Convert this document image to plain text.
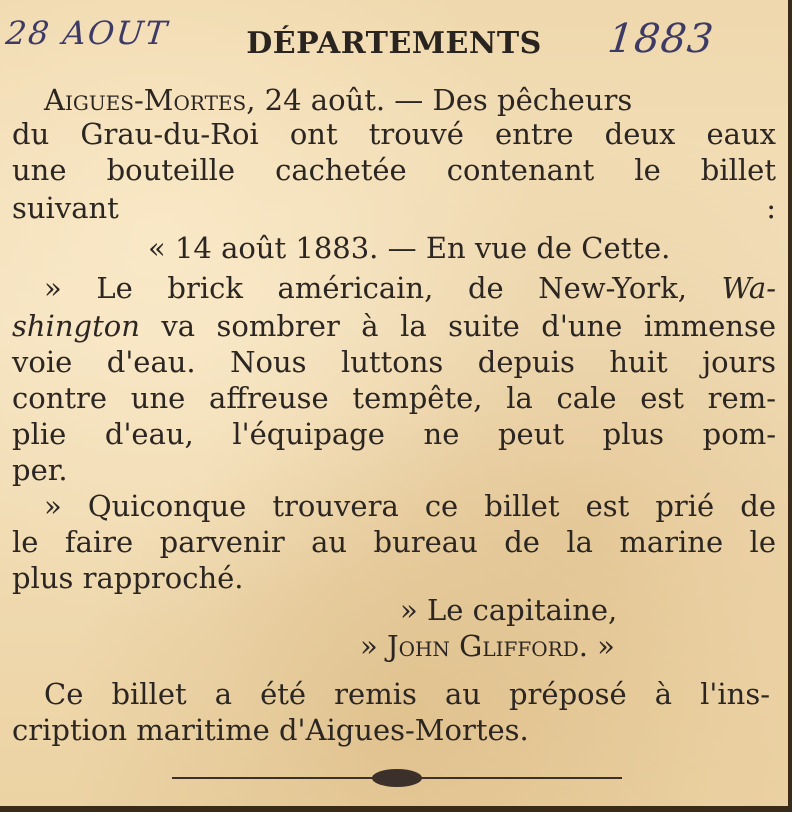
28 AOUT	1883
DÉPARTEMENTS
Aigues-Mortes, 24 août. — Des pêcheurs
du Grau-du-Roi ont trouvé entre deux eaux
une bouteille cachetée contenant le billet
suivant :
« 14 août 1883. — En vue de Cette.
» Le brick américain, de New-York, Wa-
shington va sombrer à la suite d'une immense
voie d'eau. Nous luttons depuis huit jours
contre une affreuse tempête, la cale est rem-
plie d'eau, l'équipage ne peut plus pom-
per.
» Quiconque trouvera ce billet est prié de
le faire parvenir au bureau de la marine le
plus rapproché.
» Le capitaine,
» John Glifford. »
Ce billet a été remis au préposé à l'ins-
cription maritime d'Aigues-Mortes.
